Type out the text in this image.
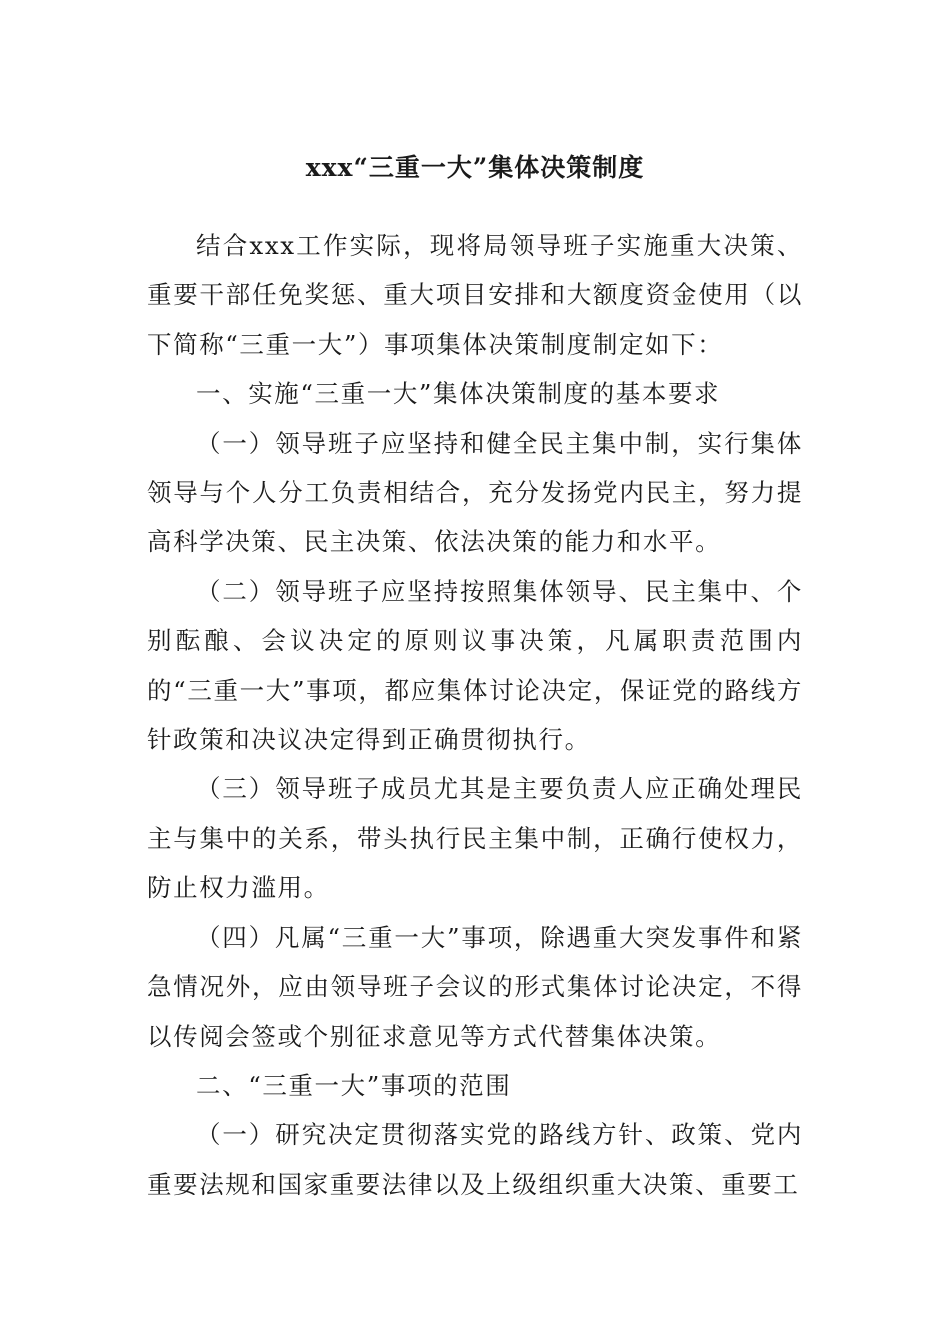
xxx“三重一大”集体决策制度

结合xxx工作实际，现将局领导班子实施重大决策、重要干部任免奖惩、重大项目安排和大额度资金使用（以下简称“三重一大”）事项集体决策制度制定如下：

一、实施“三重一大”集体决策制度的基本要求

（一）领导班子应坚持和健全民主集中制，实行集体领导与个人分工负责相结合，充分发扬党内民主，努力提高科学决策、民主决策、依法决策的能力和水平。

（二）领导班子应坚持按照集体领导、民主集中、个别酝酿、会议决定的原则议事决策，凡属职责范围内的“三重一大”事项，都应集体讨论决定，保证党的路线方针政策和决议决定得到正确贯彻执行。

（三）领导班子成员尤其是主要负责人应正确处理民主与集中的关系，带头执行民主集中制，正确行使权力，防止权力滥用。

（四）凡属“三重一大”事项，除遇重大突发事件和紧急情况外，应由领导班子会议的形式集体讨论决定，不得以传阅会签或个别征求意见等方式代替集体决策。

二、“三重一大”事项的范围

（一）研究决定贯彻落实党的路线方针、政策、党内重要法规和国家重要法律以及上级组织重大决策、重要工
